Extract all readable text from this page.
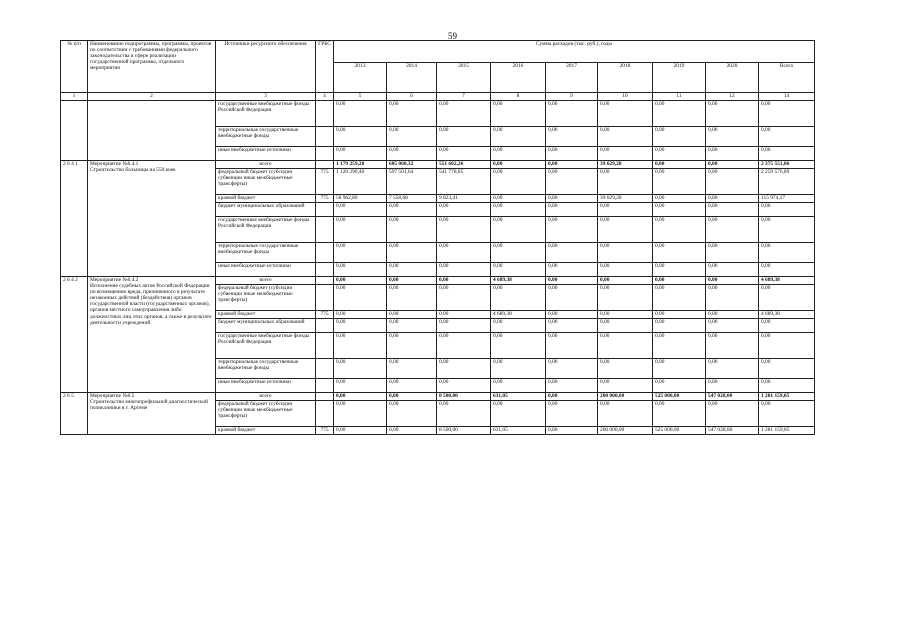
59
№ п/п	Наименование подпрограммы, программы, проектов по соответствии с требованиями федерального законодательства в сфере реализации государственной программы, отдельного мероприятия	Источники ресурсного обеспечения	ГРБС	Сумма расходов (тыс. руб.), годы								
				2013	2014	2015	2016	2017	2018	2019	2020	Всего
1	2	3	4	5	6	7	8	9	10	11	12	14
		государственные внебюджетные фонды Российской Федерации		0,00	0,00	0,00	0,00	0,00	0,00	0,00	0,00	0,00
		территориальные государственные внебюджетные фонды		0,00	0,00	0,00	0,00	0,00	0,00	0,00	0,00	0,00
		иные внебюджетные источники		0,00	0,00	0,00	0,00	0,00	0,00	0,00	0,00	0,00
2 6 4 1	Мероприятие №6.4.1
Строительство больницы на 550 коек	всего		1 179 259,20	605 060,32	551 602,26	0,00	0,00	39 629,28	0,00	0,00	2 375 551,06
		федеральный бюджет (субсидии субвенции иные межбюджетные трансферты)	775	1 120 296,40	597 501,64	541 778,85	0,00	0,00	0,00	0,00	0,00	2 259 576,89
		краевой бюджет	775	58 962,80	7 558,68	9 823,41	0,00	0,00	39 629,28	0,00	0,00	115 974,17
		бюджет муниципальных образований		0,00	0,00	0,00	0,00	0,00	0,00	0,00	0,00	0,00
		государственные внебюджетные фонды Российской Федерации		0,00	0,00	0,00	0,00	0,00	0,00	0,00	0,00	0,00
		территориальные государственные внебюджетные фонды		0,00	0,00	0,00	0,00	0,00	0,00	0,00	0,00	0,00
		иные внебюджетные источники		0,00	0,00	0,00	0,00	0,00	0,00	0,00	0,00	0,00
2 6 4 2	Мероприятие №6.4.2
Исполнение судебных актов Российской Федерации по возмещению вреда, причиненного в результате незаконных действий (бездействия) органов государственной власти (государственных органов), органов местного самоуправления либо должностных лиц этих органов, а также в результате деятельности учреждений	всего		0,00	0,00	0,00	4 689,38	0,00	0,00	0,00	0,00	4 689,38
		федеральный бюджет (субсидии субвенции иные межбюджетные трансферты)		0,00	0,00	0,00	0,00	0,00	0,00	0,00	0,00	0,00
		краевой бюджет	775	0,00	0,00	0,00	4 689,38	0,00	0,00	0,00	0,00	4 689,38
		бюджет муниципальных образований		0,00	0,00	0,00	0,00	0,00	0,00	0,00	0,00	0,00
		государственные внебюджетные фонды Российской Федерации		0,00	0,00	0,00	0,00	0,00	0,00	0,00	0,00	0,00
		территориальные государственные внебюджетные фонды		0,00	0,00	0,00	0,00	0,00	0,00	0,00	0,00	0,00
		иные внебюджетные источники		0,00	0,00	0,00	0,00	0,00	0,00	0,00	0,00	0,00
2 6 5	Мероприятие №6.5
Строительство многопрофильной диагностической поликлиники в г. Артеме	всего		0,00	0,00	8 500,00	631,05	0,00	200 000,00	525 000,00	547 028,00	1 281 159,05
		федеральный бюджет (субсидии субвенции иные межбюджетные трансферты)		0,00	0,00	0,00	0,00	0,00	0,00	0,00	0,00	0,00
		краевой бюджет	775	0,00	0,00	8 500,00	631,05	0,00	200 000,00	525 000,00	547 028,00	1 281 159,05
